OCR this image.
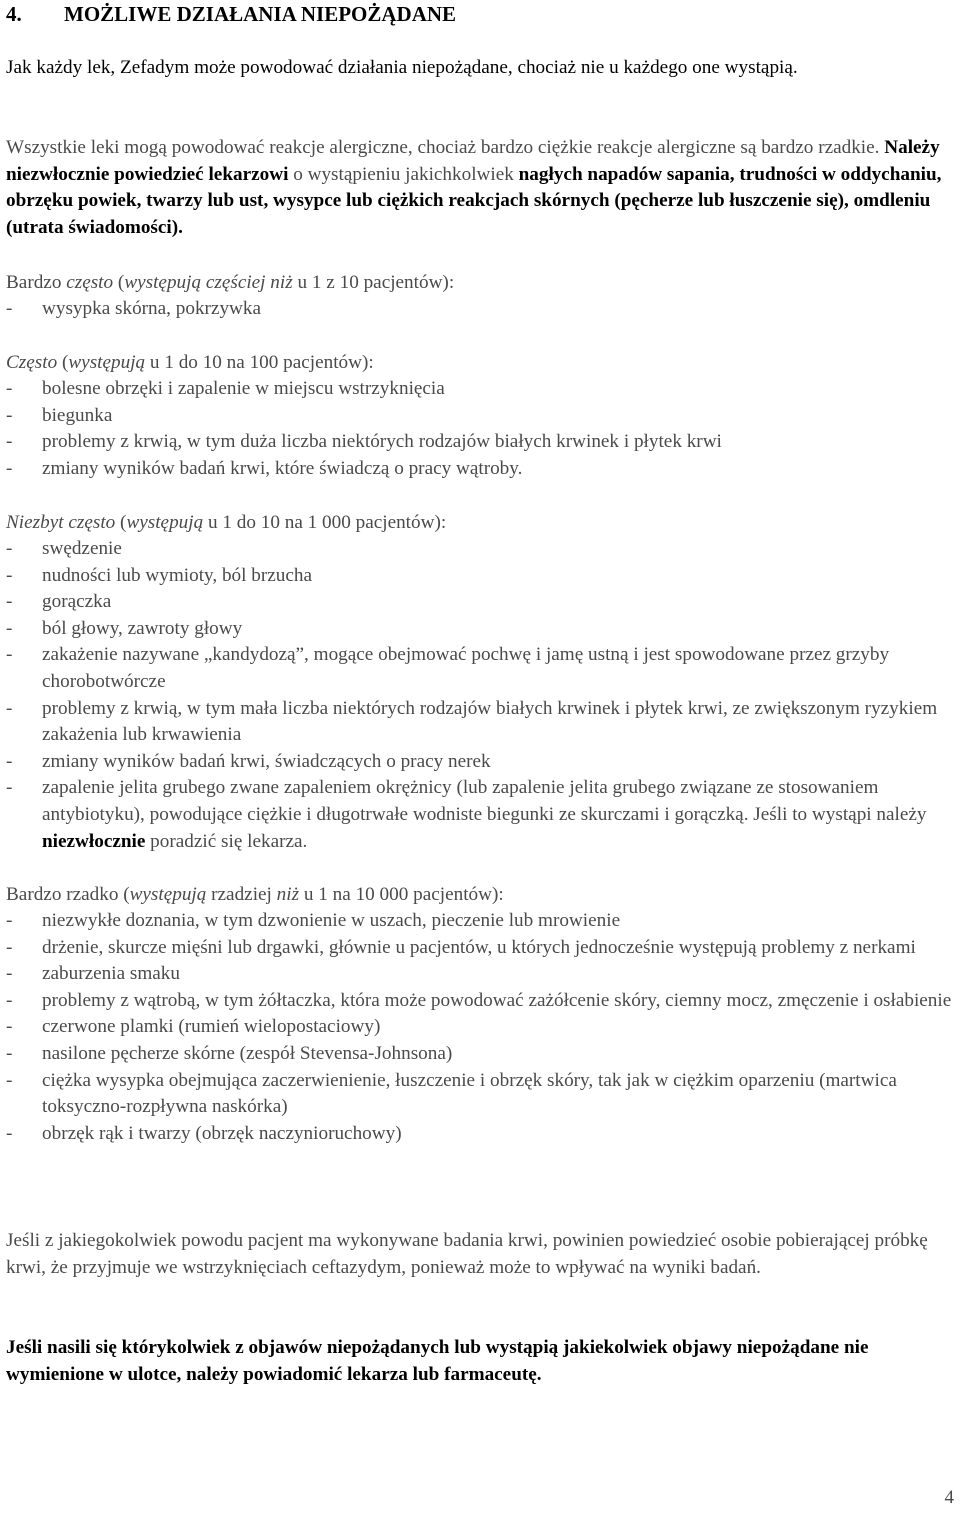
4. MOŻLIWE DZIAŁANIA NIEPOŻĄDANE
Jak każdy lek, Zefadym może powodować działania niepożądane, chociaż nie u każdego one wystąpią.
Wszystkie leki mogą powodować reakcje alergiczne, chociaż bardzo ciężkie reakcje alergiczne są bardzo rzadkie. Należy niezwłocznie powiedzieć lekarzowi o wystąpieniu jakichkolwiek nagłych napadów sapania, trudności w oddychaniu, obrzęku powiek, twarzy lub ust, wysypce lub ciężkich reakcjach skórnych (pęcherze lub łuszczenie się), omdleniu (utrata świadomości).
Bardzo często (występują częściej niż u 1 z 10 pacjentów):
- wysypka skórna, pokrzywka
Często (występują u 1 do 10 na 100 pacjentów):
- bolesne obrzęki i zapalenie w miejscu wstrzyknięcia
- biegunka
- problemy z krwią, w tym duża liczba niektórych rodzajów białych krwinek i płytek krwi
- zmiany wyników badań krwi, które świadczą o pracy wątroby.
Niezbyt często (występują u 1 do 10 na 1 000 pacjentów):
- swędzenie
- nudności lub wymioty, ból brzucha
- gorączka
- ból głowy, zawroty głowy
- zakażenie nazywane „kandydozą”, mogące obejmować pochwę i jamę ustną i jest spowodowane przez grzyby chorobotwórcze
- problemy z krwią, w tym mała liczba niektórych rodzajów białych krwinek i płytek krwi, ze zwiększonym ryzykiem zakażenia lub krwawienia
- zmiany wyników badań krwi, świadczących o pracy nerek
- zapalenie jelita grubego zwane zapaleniem okrężnicy (lub zapalenie jelita grubego związane ze stosowaniem antybiotyku), powodujące ciężkie i długotrwałe wodniste biegunki ze skurczami i gorączką. Jeśli to wystąpi należy niezwłocznie poradzić się lekarza.
Bardzo rzadko (występują rzadziej niż u 1 na 10 000 pacjentów):
- niezwykłe doznania, w tym dzwonienie w uszach, pieczenie lub mrowienie
- drżenie, skurcze mięśni lub drgawki, głównie u pacjentów, u których jednocześnie występują problemy z nerkami
- zaburzenia smaku
- problemy z wątrobą, w tym żółtaczka, która może powodować zażółcenie skóry, ciemny mocz, zmęczenie i osłabienie
- czerwone plamki (rumień wielopostaciowy)
- nasilone pęcherze skórne (zespół Stevensa-Johnsona)
- ciężka wysypka obejmująca zaczerwienienie, łuszczenie i obrzęk skóry, tak jak w ciężkim oparzeniu (martwica toksyczno-rozpływna naskórka)
- obrzęk rąk i twarzy (obrzęk naczynioruchowy)
Jeśli z jakiegokolwiek powodu pacjent ma wykonywane badania krwi, powinien powiedzieć osobie pobierającej próbkę krwi, że przyjmuje we wstrzyknięciach ceftazydym, ponieważ może to wpływać na wyniki badań.
Jeśli nasili się którykolwiek z objawów niepożądanych lub wystąpią jakiekolwiek objawy niepożądane nie wymienione w ulotce, należy powiadomić lekarza lub farmaceutę.
4
